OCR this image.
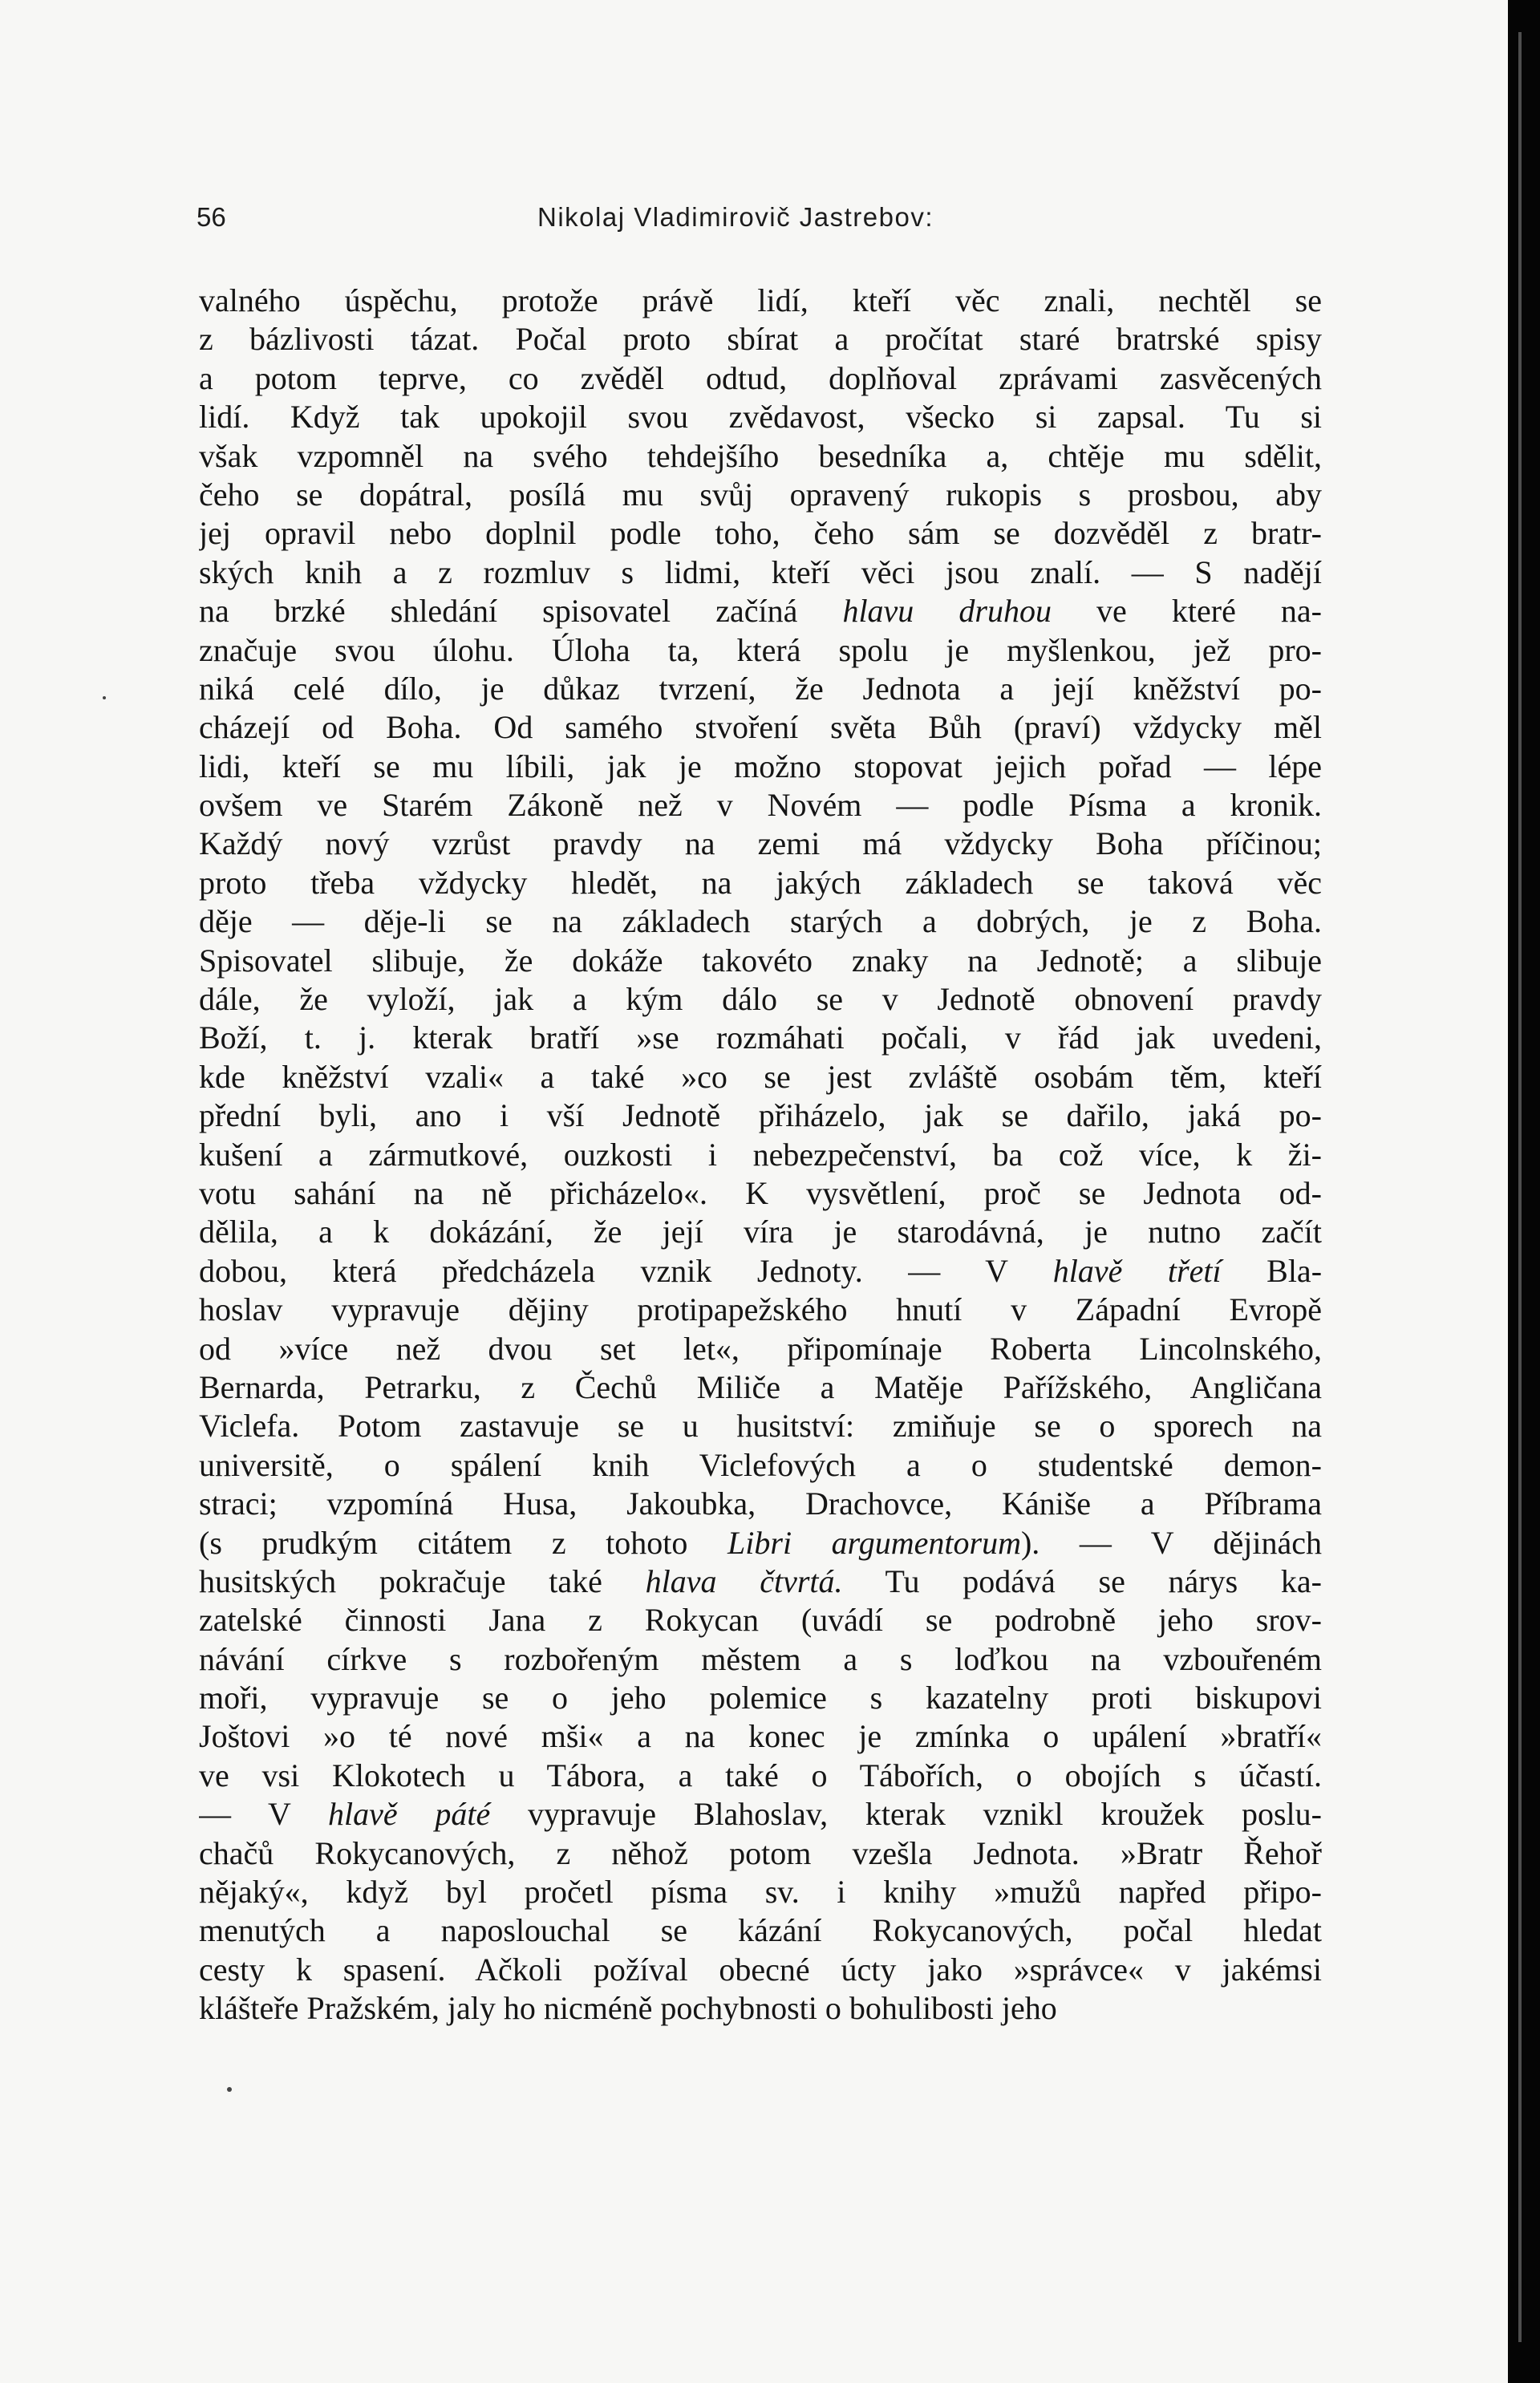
56	Nikolaj Vladimirovič Jastrebov:
valného úspěchu, protože právě lidí, kteří věc znali, nechtěl se
z bázlivosti tázat. Počal proto sbírat a pročítat staré bratrské spisy
a potom teprve, co zvěděl odtud, doplňoval zprávami zasvěcených
lidí. Když tak upokojil svou zvědavost, všecko si zapsal. Tu si
však vzpomněl na svého tehdejšího besedníka a, chtěje mu sdělit,
čeho se dopátral, posílá mu svůj opravený rukopis s prosbou, aby
jej opravil nebo doplnil podle toho, čeho sám se dozvěděl z bratr-
ských knih a z rozmluv s lidmi, kteří věci jsou znalí. — S nadějí
na brzké shledání spisovatel začíná hlavu druhou ve které na-
značuje svou úlohu. Úloha ta, která spolu je myšlenkou, jež pro-
niká celé dílo, je důkaz tvrzení, že Jednota a její kněžství po-
cházejí od Boha. Od samého stvoření světa Bůh (praví) vždycky měl
lidi, kteří se mu líbili, jak je možno stopovat jejich pořad — lépe
ovšem ve Starém Zákoně než v Novém — podle Písma a kronik.
Každý nový vzrůst pravdy na zemi má vždycky Boha příčinou;
proto třeba vždycky hledět, na jakých základech se taková věc
děje — děje-li se na základech starých a dobrých, je z Boha.
Spisovatel slibuje, že dokáže takovéto znaky na Jednotě; a slibuje
dále, že vyloží, jak a kým dálo se v Jednotě obnovení pravdy
Boží, t. j. kterak bratří »se rozmáhati počali, v řád jak uvedeni,
kde kněžství vzali« a také »co se jest zvláště osobám těm, kteří
přední byli, ano i vší Jednotě přiházelo, jak se dařilo, jaká po-
kušení a zármutkové, ouzkosti i nebezpečenství, ba což více, k ži-
votu sahání na ně přicházelo«. K vysvětlení, proč se Jednota od-
dělila, a k dokázání, že její víra je starodávná, je nutno začít
dobou, která předcházela vznik Jednoty. — V hlavě třetí Bla-
hoslav vypravuje dějiny protipapežského hnutí v Západní Evropě
od »více než dvou set let«, připomínaje Roberta Lincolnského,
Bernarda, Petrarku, z Čechů Miliče a Matěje Pařížského, Angličana
Viclefa. Potom zastavuje se u husitství: zmiňuje se o sporech na
universitě, o spálení knih Viclefových a o studentské demon-
straci; vzpomíná Husa, Jakoubka, Drachovce, Kániše a Příbrama
(s prudkým citátem z tohoto Libri argumentorum). — V dějinách
husitských pokračuje také hlava čtvrtá. Tu podává se nárys ka-
zatelské činnosti Jana z Rokycan (uvádí se podrobně jeho srov-
návání církve s rozbořeným městem a s loďkou na vzbouřeném
moři, vypravuje se o jeho polemice s kazatelny proti biskupovi
Joštovi »o té nové mši« a na konec je zmínka o upálení »bratří«
ve vsi Klokotech u Tábora, a také o Tábořích, o obojích s účastí.
— V hlavě páté vypravuje Blahoslav, kterak vznikl kroužek poslu-
chačů Rokycanových, z něhož potom vzešla Jednota. »Bratr Řehoř
nějaký«, když byl pročetl písma sv. i knihy »mužů napřed připo-
menutých a naposlouchal se kázání Rokycanových, počal hledat
cesty k spasení. Ačkoli požíval obecné úcty jako »správce« v jakémsi
klášteře Pražském, jaly ho nicméně pochybnosti o bohulibosti jeho
